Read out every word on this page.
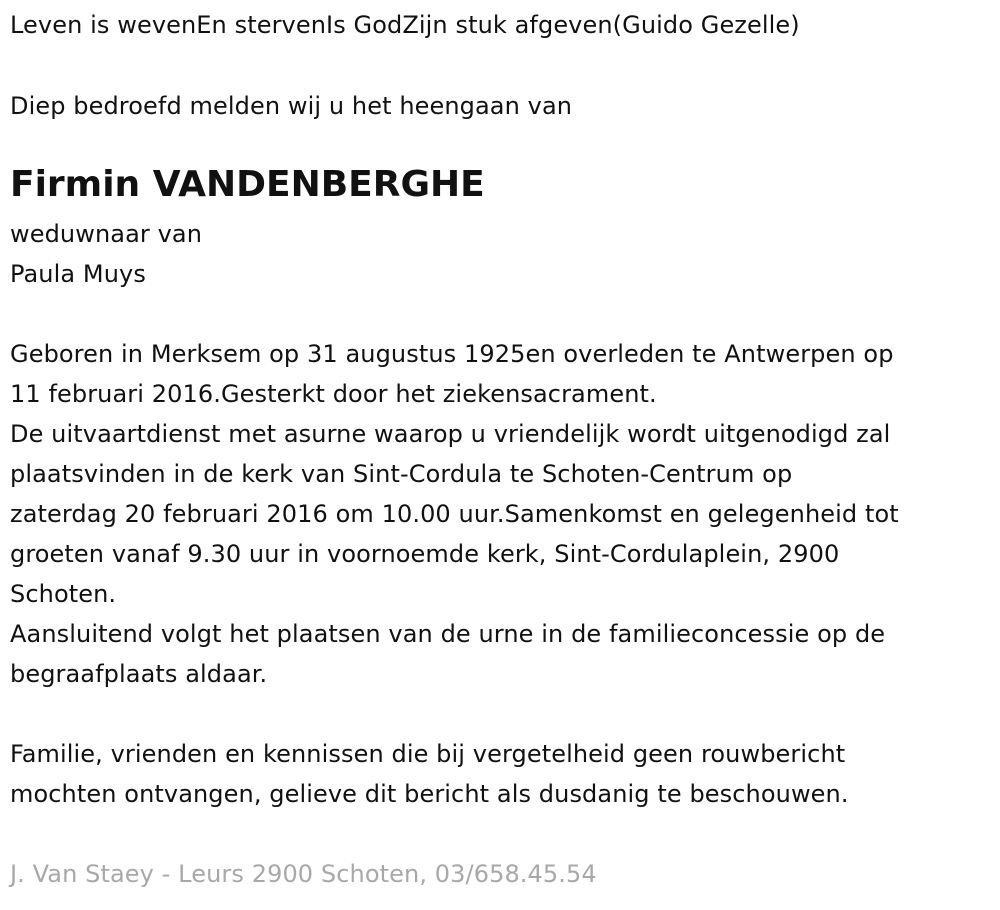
Leven is wevenEn stervenIs GodZijn stuk afgeven(Guido Gezelle)
Diep bedroefd melden wij u het heengaan van
Firmin VANDENBERGHE
weduwnaar van
Paula Muys
Geboren in Merksem op 31 augustus 1925en overleden te Antwerpen op
11 februari 2016.Gesterkt door het ziekensacrament.
De uitvaartdienst met asurne waarop u vriendelijk wordt uitgenodigd zal
plaatsvinden in de kerk van Sint-Cordula te Schoten-Centrum op
zaterdag 20 februari 2016 om 10.00 uur.Samenkomst en gelegenheid tot
groeten vanaf 9.30 uur in voornoemde kerk, Sint-Cordulaplein, 2900
Schoten.
Aansluitend volgt het plaatsen van de urne in de familieconcessie op de
begraafplaats aldaar.
Familie, vrienden en kennissen die bij vergetelheid geen rouwbericht
mochten ontvangen, gelieve dit bericht als dusdanig te beschouwen.
J. Van Staey - Leurs 2900 Schoten, 03/658.45.54
